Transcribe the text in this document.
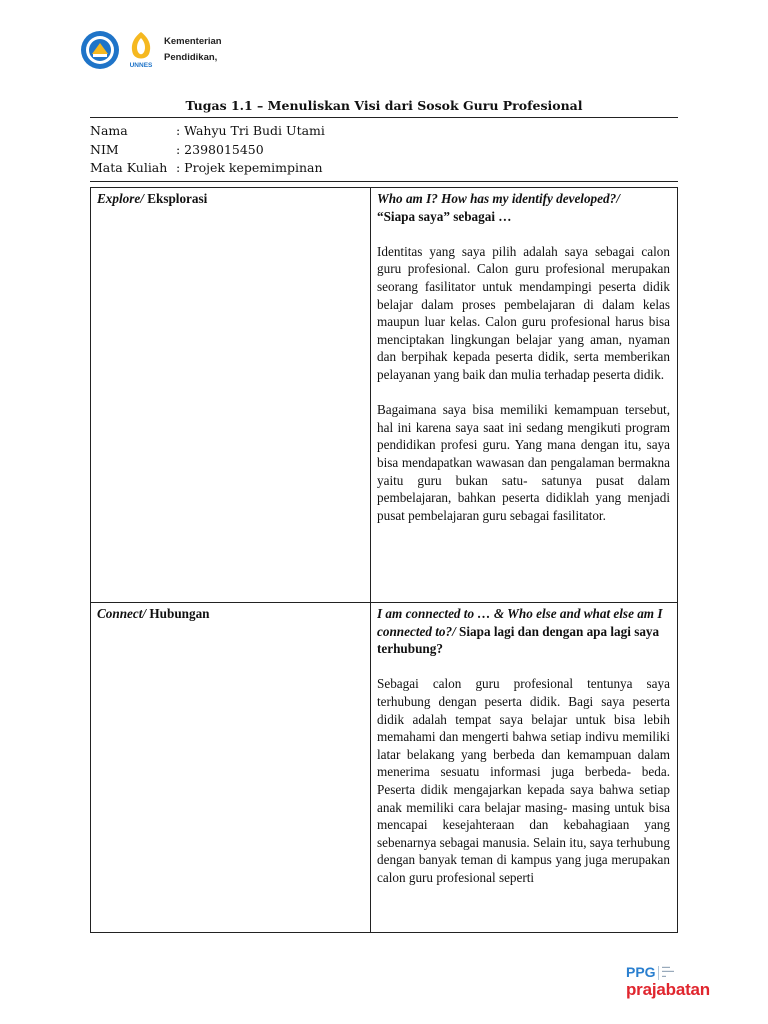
UNNES
Kementerian
Pendidikan,
Tugas 1.1 – Menuliskan Visi dari Sosok Guru Profesional
Nama	: Wahyu Tri Budi Utami
NIM	: 2398015450
Mata Kuliah : Projek kepemimpinan
Explore/ Eksplorasi	Who am I? How has my identify developed?/
“Siapa saya” sebagai …
Identitas yang saya pilih adalah saya sebagai calon guru profesional. Calon guru profesional merupakan seorang fasilitator untuk mendampingi peserta didik belajar dalam proses pembelajaran di dalam kelas maupun luar kelas. Calon guru profesional harus bisa menciptakan lingkungan belajar yang aman, nyaman dan berpihak kepada peserta didik, serta memberikan pelayanan yang baik dan mulia terhadap peserta didik.
Bagaimana saya bisa memiliki kemampuan tersebut, hal ini karena saya saat ini sedang mengikuti program pendidikan profesi guru. Yang mana dengan itu, saya bisa mendapatkan wawasan dan pengalaman bermakna yaitu guru bukan satu- satunya pusat dalam pembelajaran, bahkan peserta didiklah yang menjadi pusat pembelajaran guru sebagai fasilitator.

Connect/ Hubungan	I am connected to … & Who else and what else am I connected to?/ Siapa lagi dan dengan apa lagi saya terhubung?
Sebagai calon guru profesional tentunya saya terhubung dengan peserta didik. Bagi saya peserta didik adalah tempat saya belajar untuk bisa lebih memahami dan mengerti bahwa setiap indivu memiliki latar belakang yang berbeda dan kemampuan dalam menerima sesuatu informasi juga berbeda- beda. Peserta didik mengajarkan kepada saya bahwa setiap anak memiliki cara belajar masing- masing untuk bisa mencapai kesejahteraan dan kebahagiaan yang sebenarnya sebagai manusia. Selain itu, saya terhubung dengan banyak teman di kampus yang juga merupakan calon guru profesional seperti
PPG ▬▬
▬▬▬
▬
prajabatan
